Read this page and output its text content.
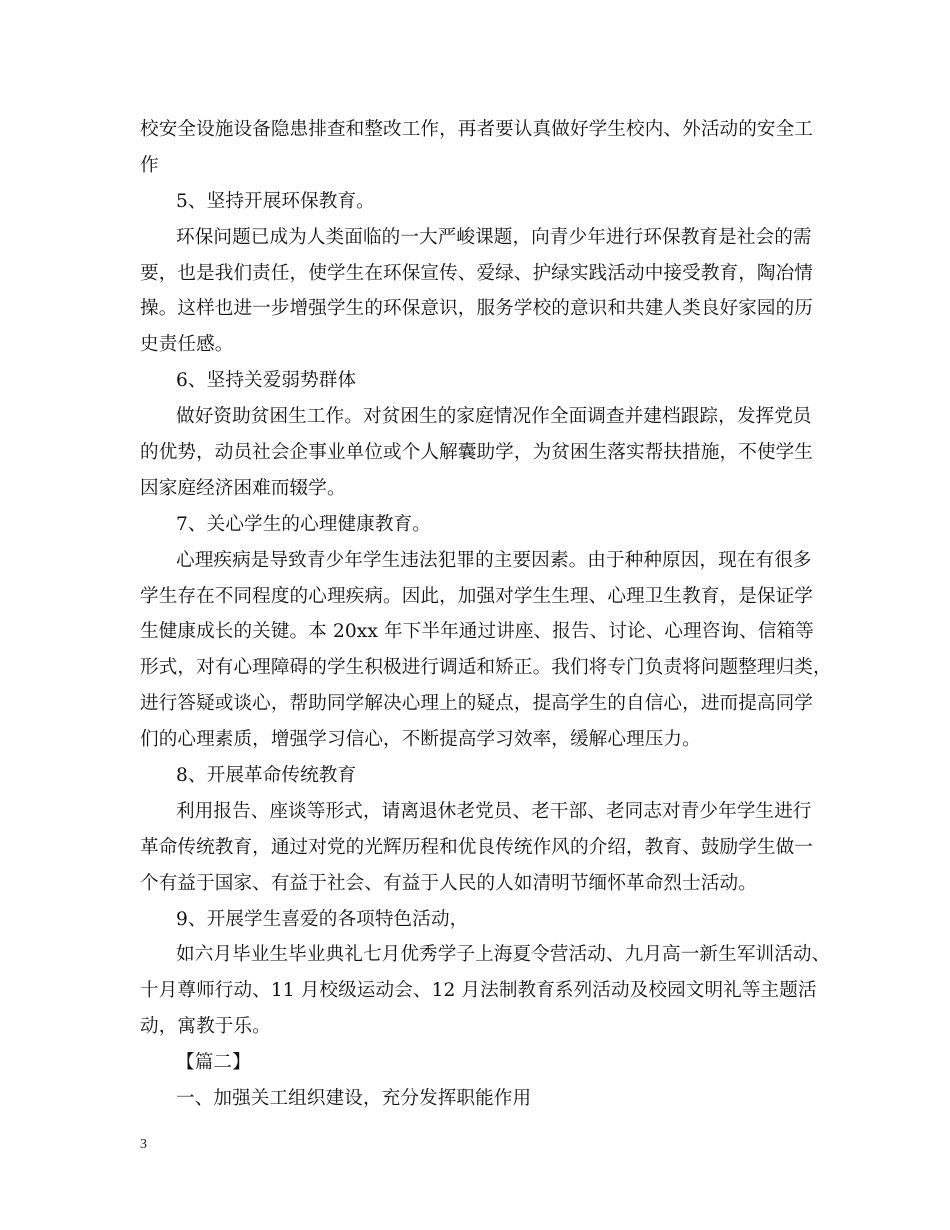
校安全设施设备隐患排查和整改工作，再者要认真做好学生校内、外活动的安全工
作
5、坚持开展环保教育。
环保问题已成为人类面临的一大严峻课题，向青少年进行环保教育是社会的需
要，也是我们责任，使学生在环保宣传、爱绿、护绿实践活动中接受教育，陶冶情
操。这样也进一步增强学生的环保意识，服务学校的意识和共建人类良好家园的历
史责任感。
6、坚持关爱弱势群体
做好资助贫困生工作。对贫困生的家庭情况作全面调查并建档跟踪，发挥党员
的优势，动员社会企事业单位或个人解囊助学，为贫困生落实帮扶措施，不使学生
因家庭经济困难而辍学。
7、关心学生的心理健康教育。
心理疾病是导致青少年学生违法犯罪的主要因素。由于种种原因，现在有很多
学生存在不同程度的心理疾病。因此，加强对学生生理、心理卫生教育，是保证学
生健康成长的关键。本 20xx 年下半年通过讲座、报告、讨论、心理咨询、信箱等
形式，对有心理障碍的学生积极进行调适和矫正。我们将专门负责将问题整理归类，
进行答疑或谈心，帮助同学解决心理上的疑点，提高学生的自信心，进而提高同学
们的心理素质，增强学习信心，不断提高学习效率，缓解心理压力。
8、开展革命传统教育
利用报告、座谈等形式，请离退休老党员、老干部、老同志对青少年学生进行
革命传统教育，通过对党的光辉历程和优良传统作风的介绍，教育、鼓励学生做一
个有益于国家、有益于社会、有益于人民的人如清明节缅怀革命烈士活动。
9、开展学生喜爱的各项特色活动，
如六月毕业生毕业典礼七月优秀学子上海夏令营活动、九月高一新生军训活动、
十月尊师行动、11 月校级运动会、12 月法制教育系列活动及校园文明礼等主题活
动，寓教于乐。
【篇二】
一、加强关工组织建设，充分发挥职能作用
3
